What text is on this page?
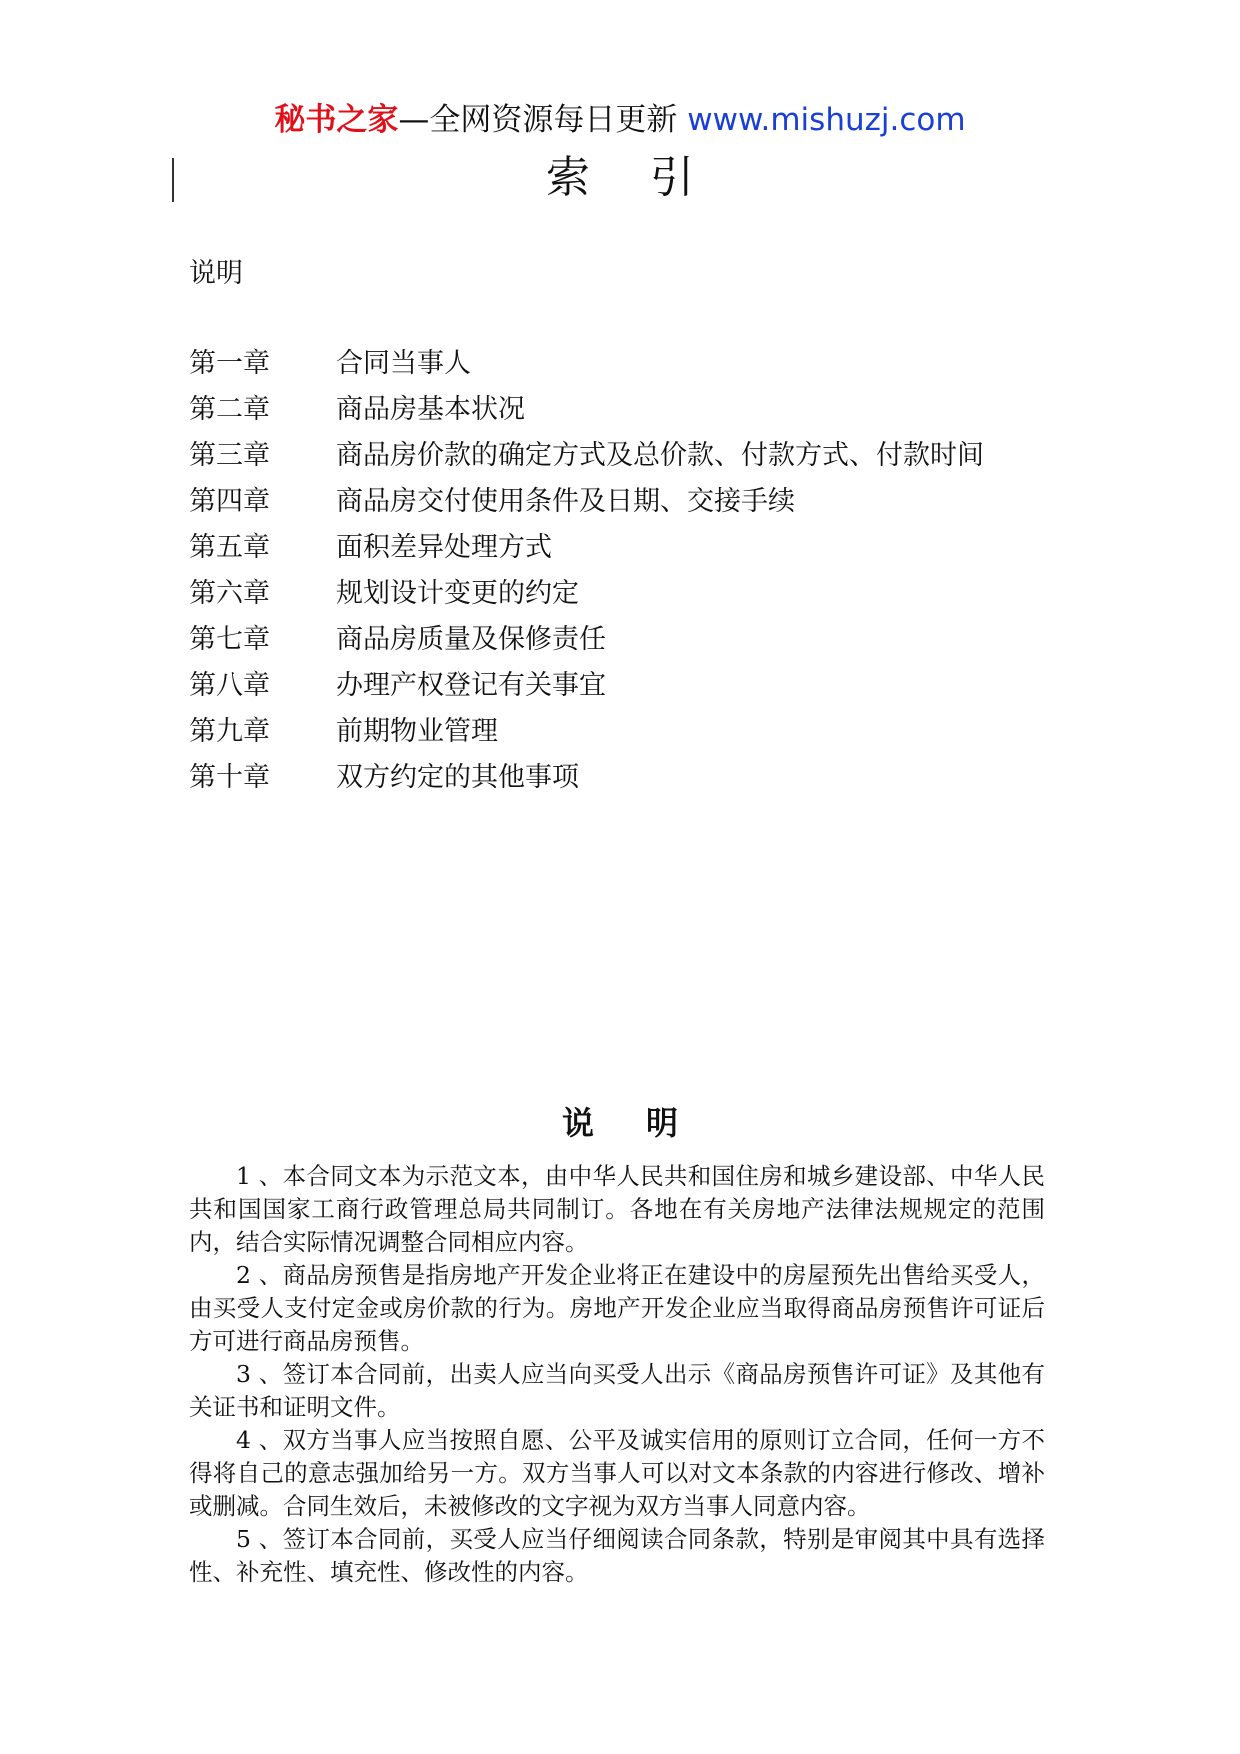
秘书之家—全网资源每日更新 www.mishuzj.com
索引
说明
第一章	合同当事人
第二章	商品房基本状况
第三章	商品房价款的确定方式及总价款、付款方式、付款时间
第四章	商品房交付使用条件及日期、交接手续
第五章	面积差异处理方式
第六章	规划设计变更的约定
第七章	商品房质量及保修责任
第八章	办理产权登记有关事宜
第九章	前期物业管理
第十章	双方约定的其他事项
说明

1 、本合同文本为示范文本，由中华人民共和国住房和城乡建设部、中华人民共和国国家工商行政管理总局共同制订。各地在有关房地产法律法规规定的范围内，结合实际情况调整合同相应内容。

2 、商品房预售是指房地产开发企业将正在建设中的房屋预先出售给买受人，由买受人支付定金或房价款的行为。房地产开发企业应当取得商品房预售许可证后方可进行商品房预售。

3 、签订本合同前，出卖人应当向买受人出示《商品房预售许可证》及其他有关证书和证明文件。

4 、双方当事人应当按照自愿、公平及诚实信用的原则订立合同，任何一方不得将自己的意志强加给另一方。双方当事人可以对文本条款的内容进行修改、增补或删减。合同生效后，未被修改的文字视为双方当事人同意内容。

5 、签订本合同前，买受人应当仔细阅读合同条款，特别是审阅其中具有选择性、补充性、填充性、修改性的内容。
